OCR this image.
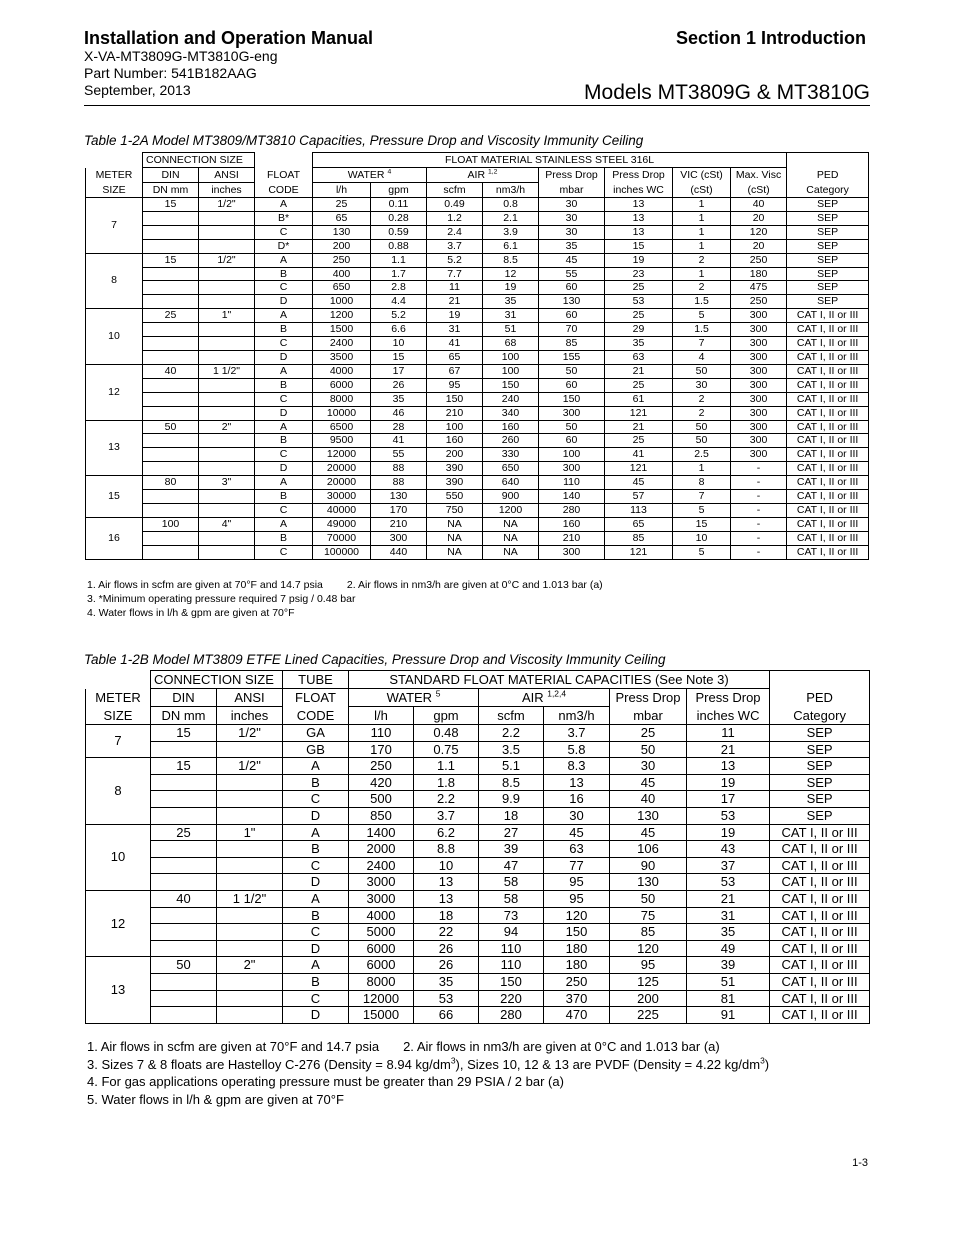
Installation and Operation Manual
X-VA-MT3809G-MT3810G-eng
Part Number: 541B182AAG
September, 2013
Section 1 Introduction
Models MT3809G & MT3810G
Table 1-2A Model MT3809/MT3810 Capacities, Pressure Drop and Viscosity Immunity Ceiling
	CONNECTION SIZE			FLOAT MATERIAL STAINLESS STEEL 316L								
METER	DIN	ANSI	FLOAT	WATER $^4$		AIR $^{1,2}$		Press Drop	Press Drop	VIC (cSt)	Max. Visc	PED
SIZE	DN mm	inches	CODE	l/h	gpm	scfm	nm3/h	mbar	inches WC	(cSt)	(cSt)	Category
7	15	1/2"	A	25	0.11	0.49	0.8	30	13	1	40	SEP
			B*	65	0.28	1.2	2.1	30	13	1	20	SEP
			C	130	0.59	2.4	3.9	30	13	1	120	SEP
			D*	200	0.88	3.7	6.1	35	15	1	20	SEP
8	15	1/2"	A	250	1.1	5.2	8.5	45	19	2	250	SEP
			B	400	1.7	7.7	12	55	23	1	180	SEP
			C	650	2.8	11	19	60	25	2	475	SEP
			D	1000	4.4	21	35	130	53	1.5	250	SEP
10	25	1"	A	1200	5.2	19	31	60	25	5	300	CAT I, II or III
			B	1500	6.6	31	51	70	29	1.5	300	CAT I, II or III
			C	2400	10	41	68	85	35	7	300	CAT I, II or III
			D	3500	15	65	100	155	63	4	300	CAT I, II or III
12	40	1 1/2"	A	4000	17	67	100	50	21	50	300	CAT I, II or III
			B	6000	26	95	150	60	25	30	300	CAT I, II or III
			C	8000	35	150	240	150	61	2	300	CAT I, II or III
			D	10000	46	210	340	300	121	2	300	CAT I, II or III
13	50	2"	A	6500	28	100	160	50	21	50	300	CAT I, II or III
			B	9500	41	160	260	60	25	50	300	CAT I, II or III
			C	12000	55	200	330	100	41	2.5	300	CAT I, II or III
			D	20000	88	390	650	300	121	1	-	CAT I, II or III
15	80	3"	A	20000	88	390	640	110	45	8	-	CAT I, II or III
			B	30000	130	550	900	140	57	7	-	CAT I, II or III
			C	40000	170	750	1200	280	113	5	-	CAT I, II or III
16	100	4"	A	49000	210	NA	NA	160	65	15	-	CAT I, II or III
			B	70000	300	NA	NA	210	85	10	-	CAT I, II or III
			C	100000	440	NA	NA	300	121	5	-	CAT I, II or III
1. Air flows in scfm are given at 70°F and 14.7 psia 2. Air flows in nm3/h are given at 0°C and 1.013 bar (a)
3. *Minimum operating pressure required 7 psig / 0.48 bar
4. Water flows in l/h & gpm are given at 70°F
Table 1-2B Model MT3809 ETFE Lined Capacities, Pressure Drop and Viscosity Immunity Ceiling
	CONNECTION SIZE		TUBE	STANDARD FLOAT MATERIAL CAPACITIES (See Note 3)						
METER	DIN	ANSI	FLOAT	WATER $^5$		AIR $^{1,2,4}$		Press Drop	Press Drop	PED
SIZE	DN mm	inches	CODE	l/h	gpm	scfm	nm3/h	mbar	inches WC	Category
7	15	1/2"	GA	110	0.48	2.2	3.7	25	11	SEP
			GB	170	0.75	3.5	5.8	50	21	SEP
8	15	1/2"	A	250	1.1	5.1	8.3	30	13	SEP
			B	420	1.8	8.5	13	45	19	SEP
			C	500	2.2	9.9	16	40	17	SEP
			D	850	3.7	18	30	130	53	SEP
10	25	1"	A	1400	6.2	27	45	45	19	CAT I, II or III
			B	2000	8.8	39	63	106	43	CAT I, II or III
			C	2400	10	47	77	90	37	CAT I, II or III
			D	3000	13	58	95	130	53	CAT I, II or III
12	40	1 1/2"	A	3000	13	58	95	50	21	CAT I, II or III
			B	4000	18	73	120	75	31	CAT I, II or III
			C	5000	22	94	150	85	35	CAT I, II or III
			D	6000	26	110	180	120	49	CAT I, II or III
13	50	2"	A	6000	26	110	180	95	39	CAT I, II or III
			B	8000	35	150	250	125	51	CAT I, II or III
			C	12000	53	220	370	200	81	CAT I, II or III
			D	15000	66	280	470	225	91	CAT I, II or III
1. Air flows in scfm are given at 70°F and 14.7 psia 2. Air flows in nm3/h are given at 0°C and 1.013 bar (a)
3. Sizes 7 & 8 floats are Hastelloy C-276 (Density = 8.94 $kg/dm^3$), Sizes 10, 12 & 13 are PVDF (Density = 4.22 $kg/dm^3$)
4. For gas applications operating pressure must be greater than 29 PSIA / 2 bar (a)
5. Water flows in l/h & gpm are given at 70°F
1-3
